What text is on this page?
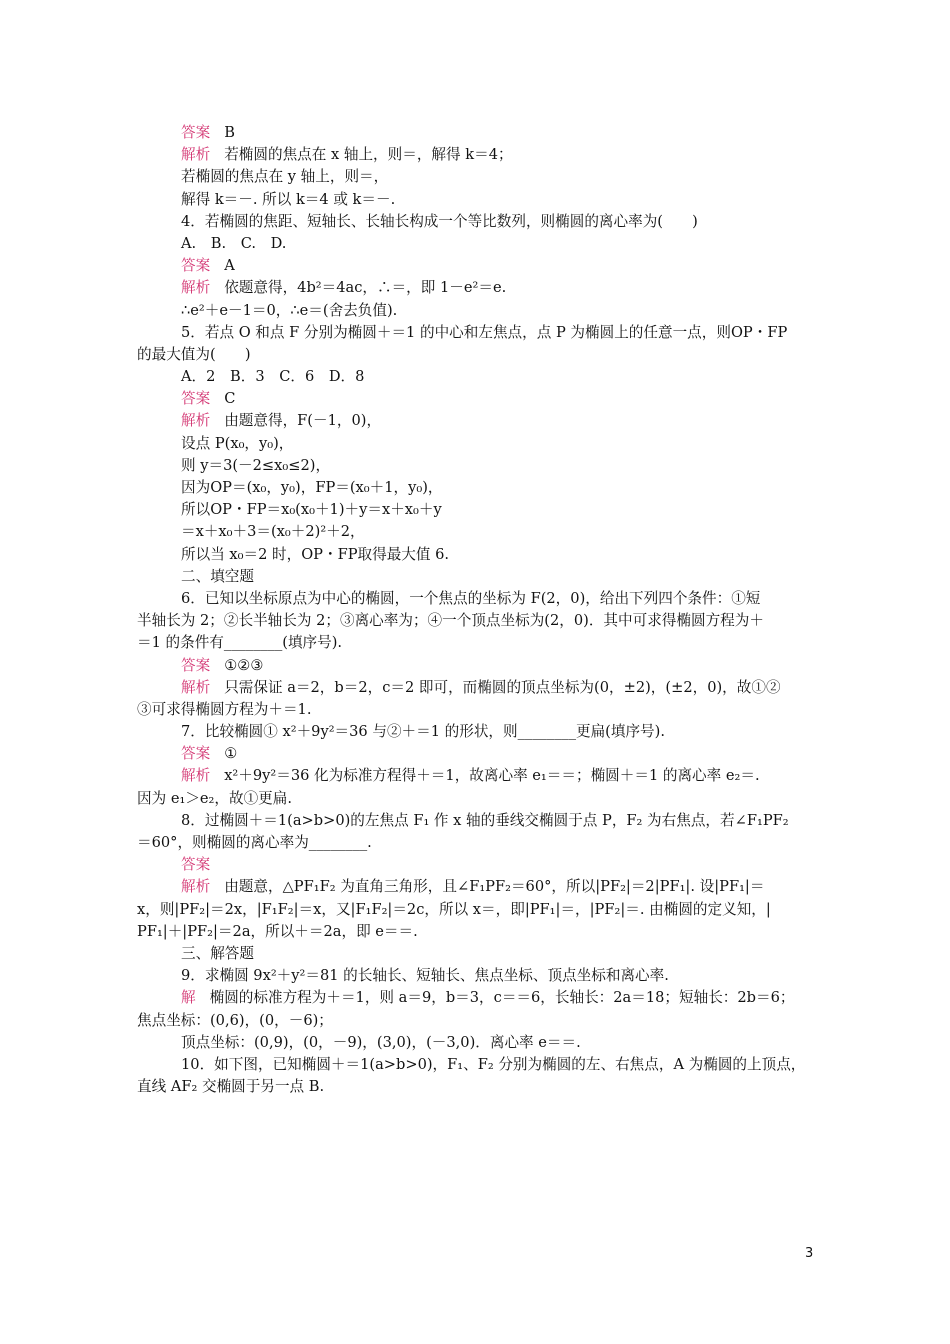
答案 B
解析 若椭圆的焦点在 x 轴上，则＝，解得 k＝4；
若椭圆的焦点在 y 轴上，则＝，
解得 k＝－. 所以 k＝4 或 k＝－.
4．若椭圆的焦距、短轴长、长轴长构成一个等比数列，则椭圆的离心率为(　　)
A.　B.　C.　D.
答案 A
解析 依题意得，4b²＝4ac，∴＝，即 1－e²＝e.
∴e²＋e－1＝0，∴e＝(舍去负值).
5．若点 O 和点 F 分别为椭圆＋＝1 的中心和左焦点，点 P 为椭圆上的任意一点，则OP・FP
的最大值为(　　)
A．2　B．3　C．6　D．8
答案 C
解析 由题意得，F(－1，0)，
设点 P(x₀，y₀)，
则 y＝3(－2≤x₀≤2)，
因为OP＝(x₀，y₀)，FP＝(x₀＋1，y₀)，
所以OP・FP＝x₀(x₀＋1)＋y＝x＋x₀＋y
＝x＋x₀＋3＝(x₀＋2)²＋2，
所以当 x₀＝2 时，OP・FP取得最大值 6.
二、填空题
6．已知以坐标原点为中心的椭圆，一个焦点的坐标为 F(2，0)，给出下列四个条件：①短
半轴长为 2；②长半轴长为 2；③离心率为；④一个顶点坐标为(2，0)．其中可求得椭圆方程为＋
＝1 的条件有________(填序号).
答案 ①②③
解析 只需保证 a＝2，b＝2，c＝2 即可，而椭圆的顶点坐标为(0，±2)，(±2，0)，故①②
③可求得椭圆方程为＋＝1.
7．比较椭圆① x²＋9y²＝36 与②＋＝1 的形状，则________更扁(填序号).
答案 ①
解析 x²＋9y²＝36 化为标准方程得＋＝1，故离心率 e₁＝＝；椭圆＋＝1 的离心率 e₂＝.
因为 e₁＞e₂，故①更扁.
8．过椭圆＋＝1(a>b>0)的左焦点 F₁ 作 x 轴的垂线交椭圆于点 P，F₂ 为右焦点，若∠F₁PF₂
＝60°，则椭圆的离心率为________.
答案
解析 由题意，△PF₁F₂ 为直角三角形，且∠F₁PF₂＝60°，所以|PF₂|＝2|PF₁|. 设|PF₁|＝
x，则|PF₂|＝2x，|F₁F₂|＝x，又|F₁F₂|＝2c，所以 x＝，即|PF₁|＝，|PF₂|＝. 由椭圆的定义知，|
PF₁|＋|PF₂|＝2a，所以＋＝2a，即 e＝＝.
三、解答题
9．求椭圆 9x²＋y²＝81 的长轴长、短轴长、焦点坐标、顶点坐标和离心率.
解 椭圆的标准方程为＋＝1，则 a＝9，b＝3，c＝＝6，长轴长：2a＝18；短轴长：2b＝6；
焦点坐标：(0,6)，(0，－6)；
顶点坐标：(0,9)，(0，－9)，(3,0)，(－3,0)．离心率 e＝＝.
10．如下图，已知椭圆＋＝1(a>b>0)，F₁、F₂ 分别为椭圆的左、右焦点，A 为椭圆的上顶点，
直线 AF₂ 交椭圆于另一点 B.
3
